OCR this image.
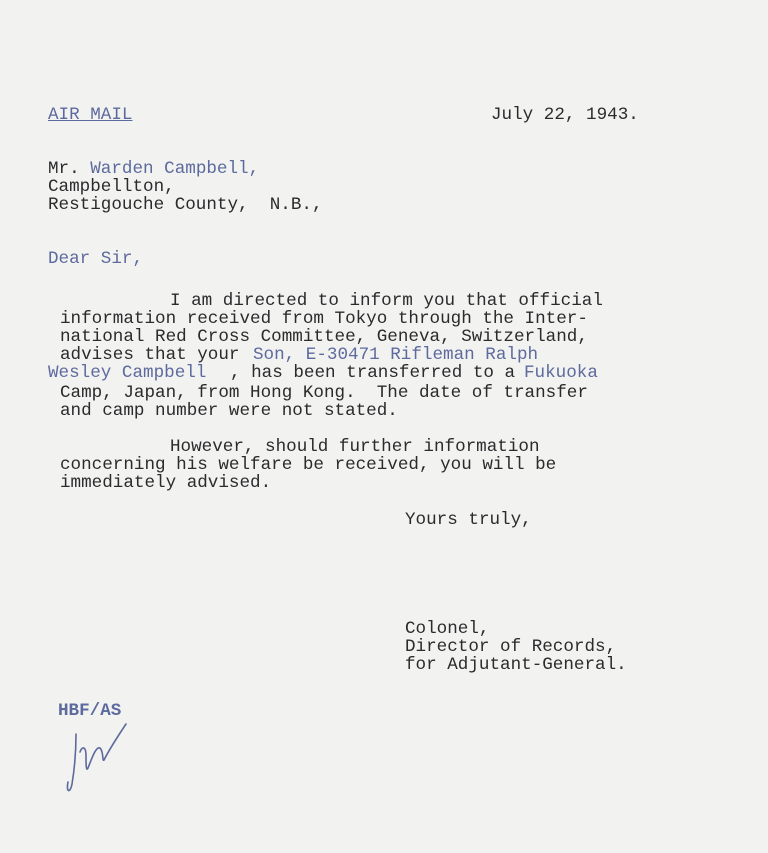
AIR MAIL	July 22, 1943.
Mr. Warden Campbell,
Campbellton,
Restigouche County,  N.B.,
Dear Sir,
I am directed to inform you that official
information received from Tokyo through the Inter-
national Red Cross Committee, Geneva, Switzerland,
advises that your Son, E-30471 Rifleman Ralph
Wesley Campbell , has been transferred to a Fukuoka
Camp, Japan, from Hong Kong.  The date of transfer
and camp number were not stated.
However, should further information
concerning his welfare be received, you will be
immediately advised.
Yours truly,
Colonel,
Director of Records,
for Adjutant-General.
HBF/AS
